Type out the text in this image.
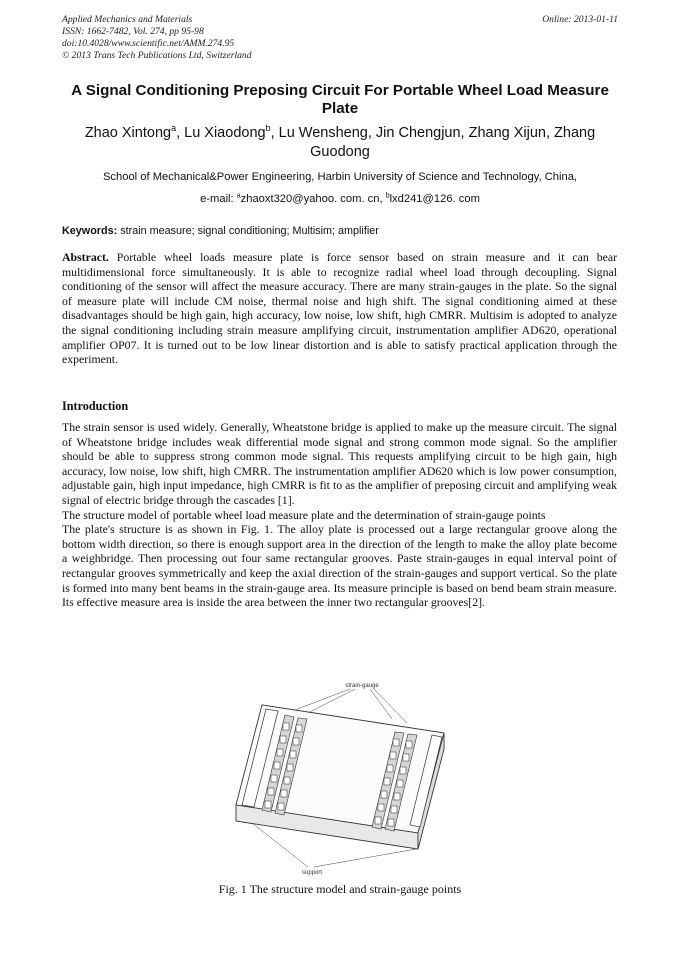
Applied Mechanics and Materials
ISSN: 1662-7482, Vol. 274, pp 95-98
doi:10.4028/www.scientific.net/AMM.274.95
© 2013 Trans Tech Publications Ltd, Switzerland
Online: 2013-01-11
A Signal Conditioning Preposing Circuit For Portable Wheel Load Measure Plate
Zhao Xintong$^a$, Lu Xiaodong$^b$, Lu Wensheng, Jin Chengjun, Zhang Xijun, Zhang Guodong
School of Mechanical&Power Engineering, Harbin University of Science and Technology, China,
e-mail: $^a$zhaoxt320@yahoo. com. cn, $^b$lxd241@126. com
Keywords: strain measure; signal conditioning; Multisim; amplifier
Abstract. Portable wheel loads measure plate is force sensor based on strain measure and it can bear multidimensional force simultaneously. It is able to recognize radial wheel load through decoupling. Signal conditioning of the sensor will affect the measure accuracy. There are many strain-gauges in the plate. So the signal of measure plate will include CM noise, thermal noise and high shift. The signal conditioning aimed at these disadvantages should be high gain, high accuracy, low noise, low shift, high CMRR. Multisim is adopted to analyze the signal conditioning including strain measure amplifying circuit, instrumentation amplifier AD620, operational amplifier OP07. It is turned out to be low linear distortion and is able to satisfy practical application through the experiment.
Introduction

The strain sensor is used widely. Generally, Wheatstone bridge is applied to make up the measure circuit. The signal of Wheatstone bridge includes weak differential mode signal and strong common mode signal. So the amplifier should be able to suppress strong common mode signal. This requests amplifying circuit to be high gain, high accuracy, low noise, low shift, high CMRR. The instrumentation amplifier AD620 which is low power consumption, adjustable gain, high input impedance, high CMRR is fit to as the amplifier of preposing circuit and amplifying weak signal of electric bridge through the cascades [1].

The structure model of portable wheel load measure plate and the determination of strain-gauge points

The plate's structure is as shown in Fig. 1. The alloy plate is processed out a large rectangular groove along the bottom width direction, so there is enough support area in the direction of the length to make the alloy plate become a weighbridge. Then processing out four same rectangular grooves. Paste strain-gauges in equal interval point of rectangular grooves symmetrically and keep the axial direction of the strain-gauges and support vertical. So the plate is formed into many bent beams in the strain-gauge area. Its measure principle is based on bend beam strain measure. Its effective measure area is inside the area between the inner two rectangular grooves[2].

strain-gauge
support
Fig. 1 The structure model and strain-gauge points
